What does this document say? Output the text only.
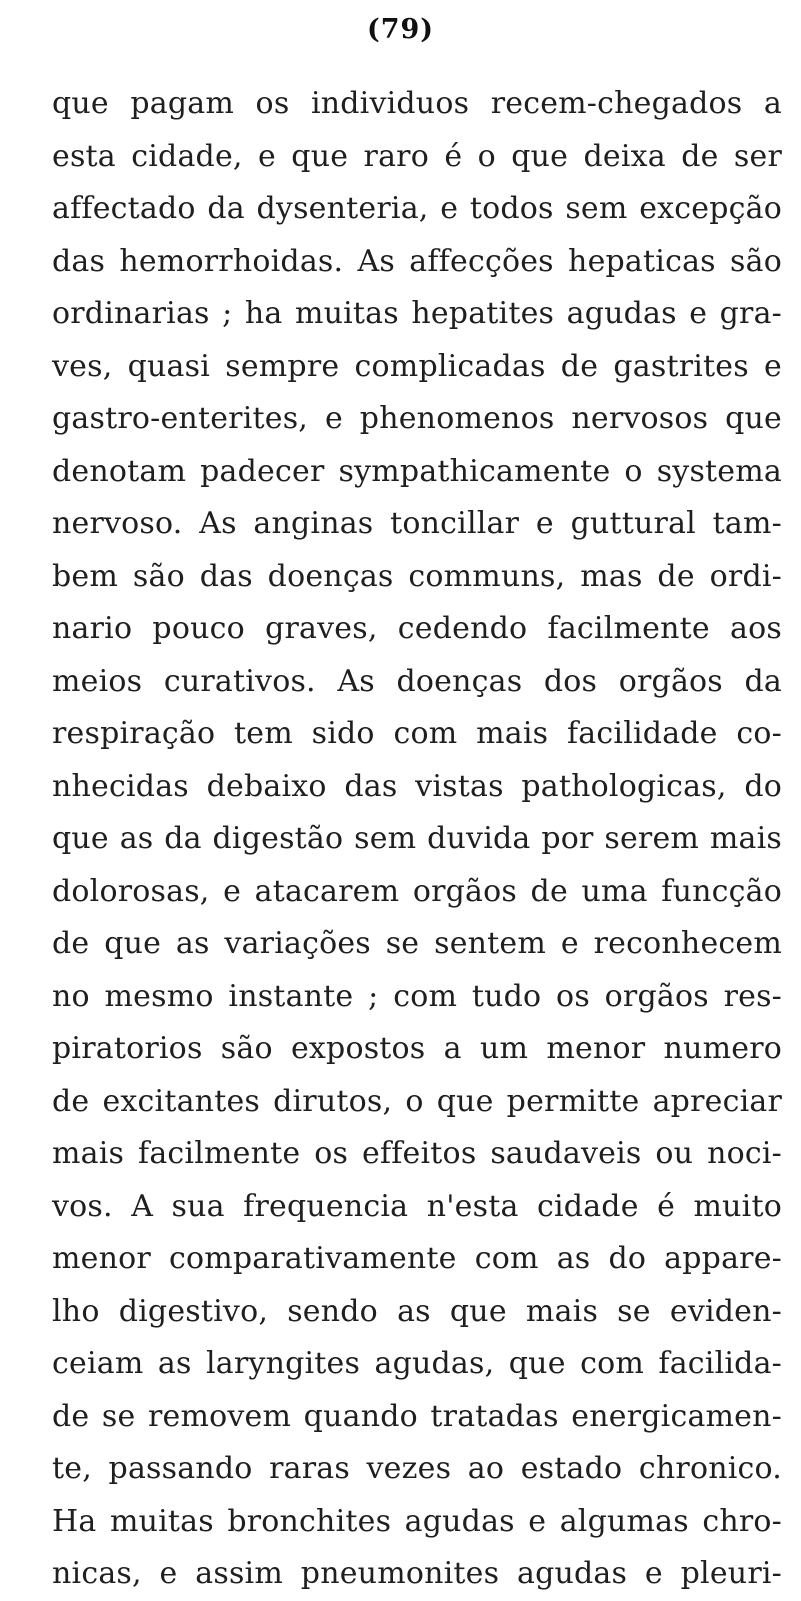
(79)
que pagam os individuos recem-chegados a
esta cidade, e que raro é o que deixa de ser
affectado da dysenteria, e todos sem excepção
das hemorrhoidas. As affecções hepaticas são
ordinarias ; ha muitas hepatites agudas e gra-
ves, quasi sempre complicadas de gastrites e
gastro-enterites, e phenomenos nervosos que
denotam padecer sympathicamente o systema
nervoso. As anginas toncillar e guttural tam-
bem são das doenças communs, mas de ordi-
nario pouco graves, cedendo facilmente aos
meios curativos. As doenças dos orgãos da
respiração tem sido com mais facilidade co-
nhecidas debaixo das vistas pathologicas, do
que as da digestão sem duvida por serem mais
dolorosas, e atacarem orgãos de uma funcção
de que as variações se sentem e reconhecem
no mesmo instante ; com tudo os orgãos res-
piratorios são expostos a um menor numero
de excitantes dirutos, o que permitte apreciar
mais facilmente os effeitos saudaveis ou noci-
vos. A sua frequencia n'esta cidade é muito
menor comparativamente com as do appare-
lho digestivo, sendo as que mais se eviden-
ceiam as laryngites agudas, que com facilida-
de se removem quando tratadas energicamen-
te, passando raras vezes ao estado chronico.
Ha muitas bronchites agudas e algumas chro-
nicas, e assim pneumonites agudas e pleuri-
